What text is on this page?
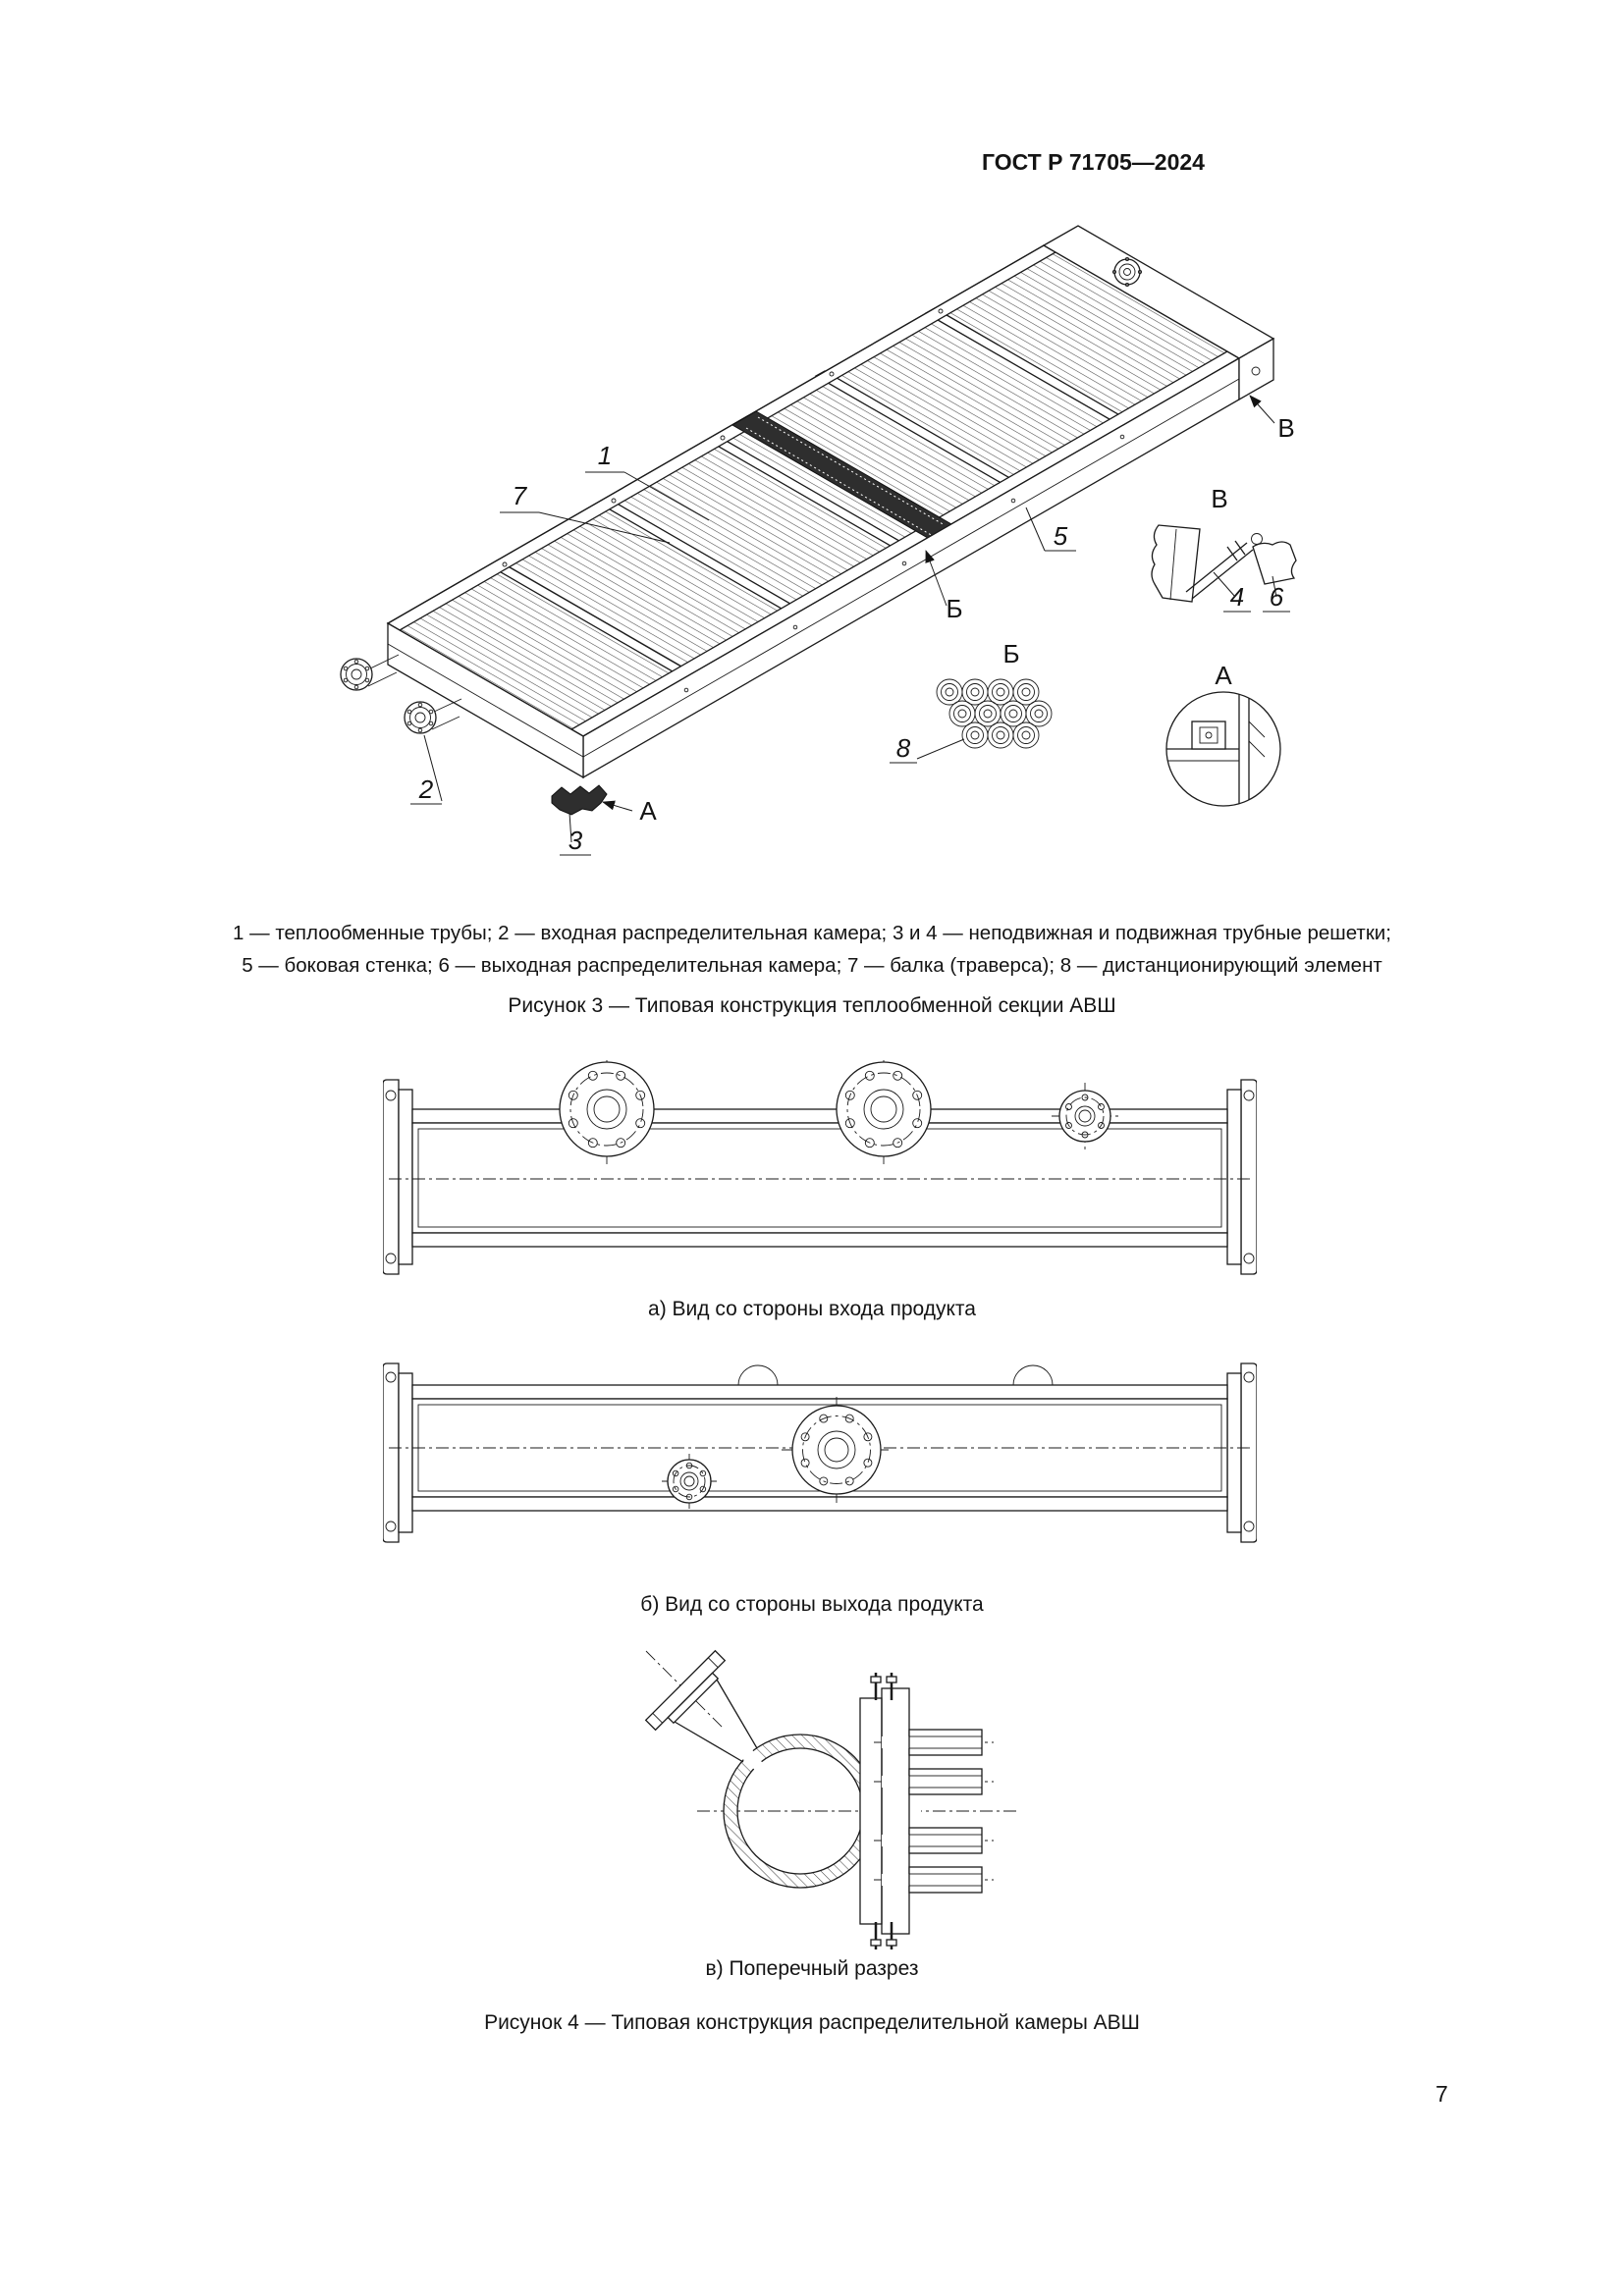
ГОСТ Р 71705—2024
1
7
5
2
3
Б
А
В
В
4 6
Б
8
А
1 — теплообменные трубы; 2 — входная распределительная камера; 3 и 4 — неподвижная и подвижная трубные решетки;
5 — боковая стенка; 6 — выходная распределительная камера; 7 — балка (траверса); 8 — дистанционирующий элемент
Рисунок 3 — Типовая конструкция теплообменной секции АВШ
а) Вид со стороны входа продукта
б) Вид со стороны выхода продукта
в) Поперечный разрез
Рисунок 4 — Типовая конструкция распределительной камеры АВШ
7
